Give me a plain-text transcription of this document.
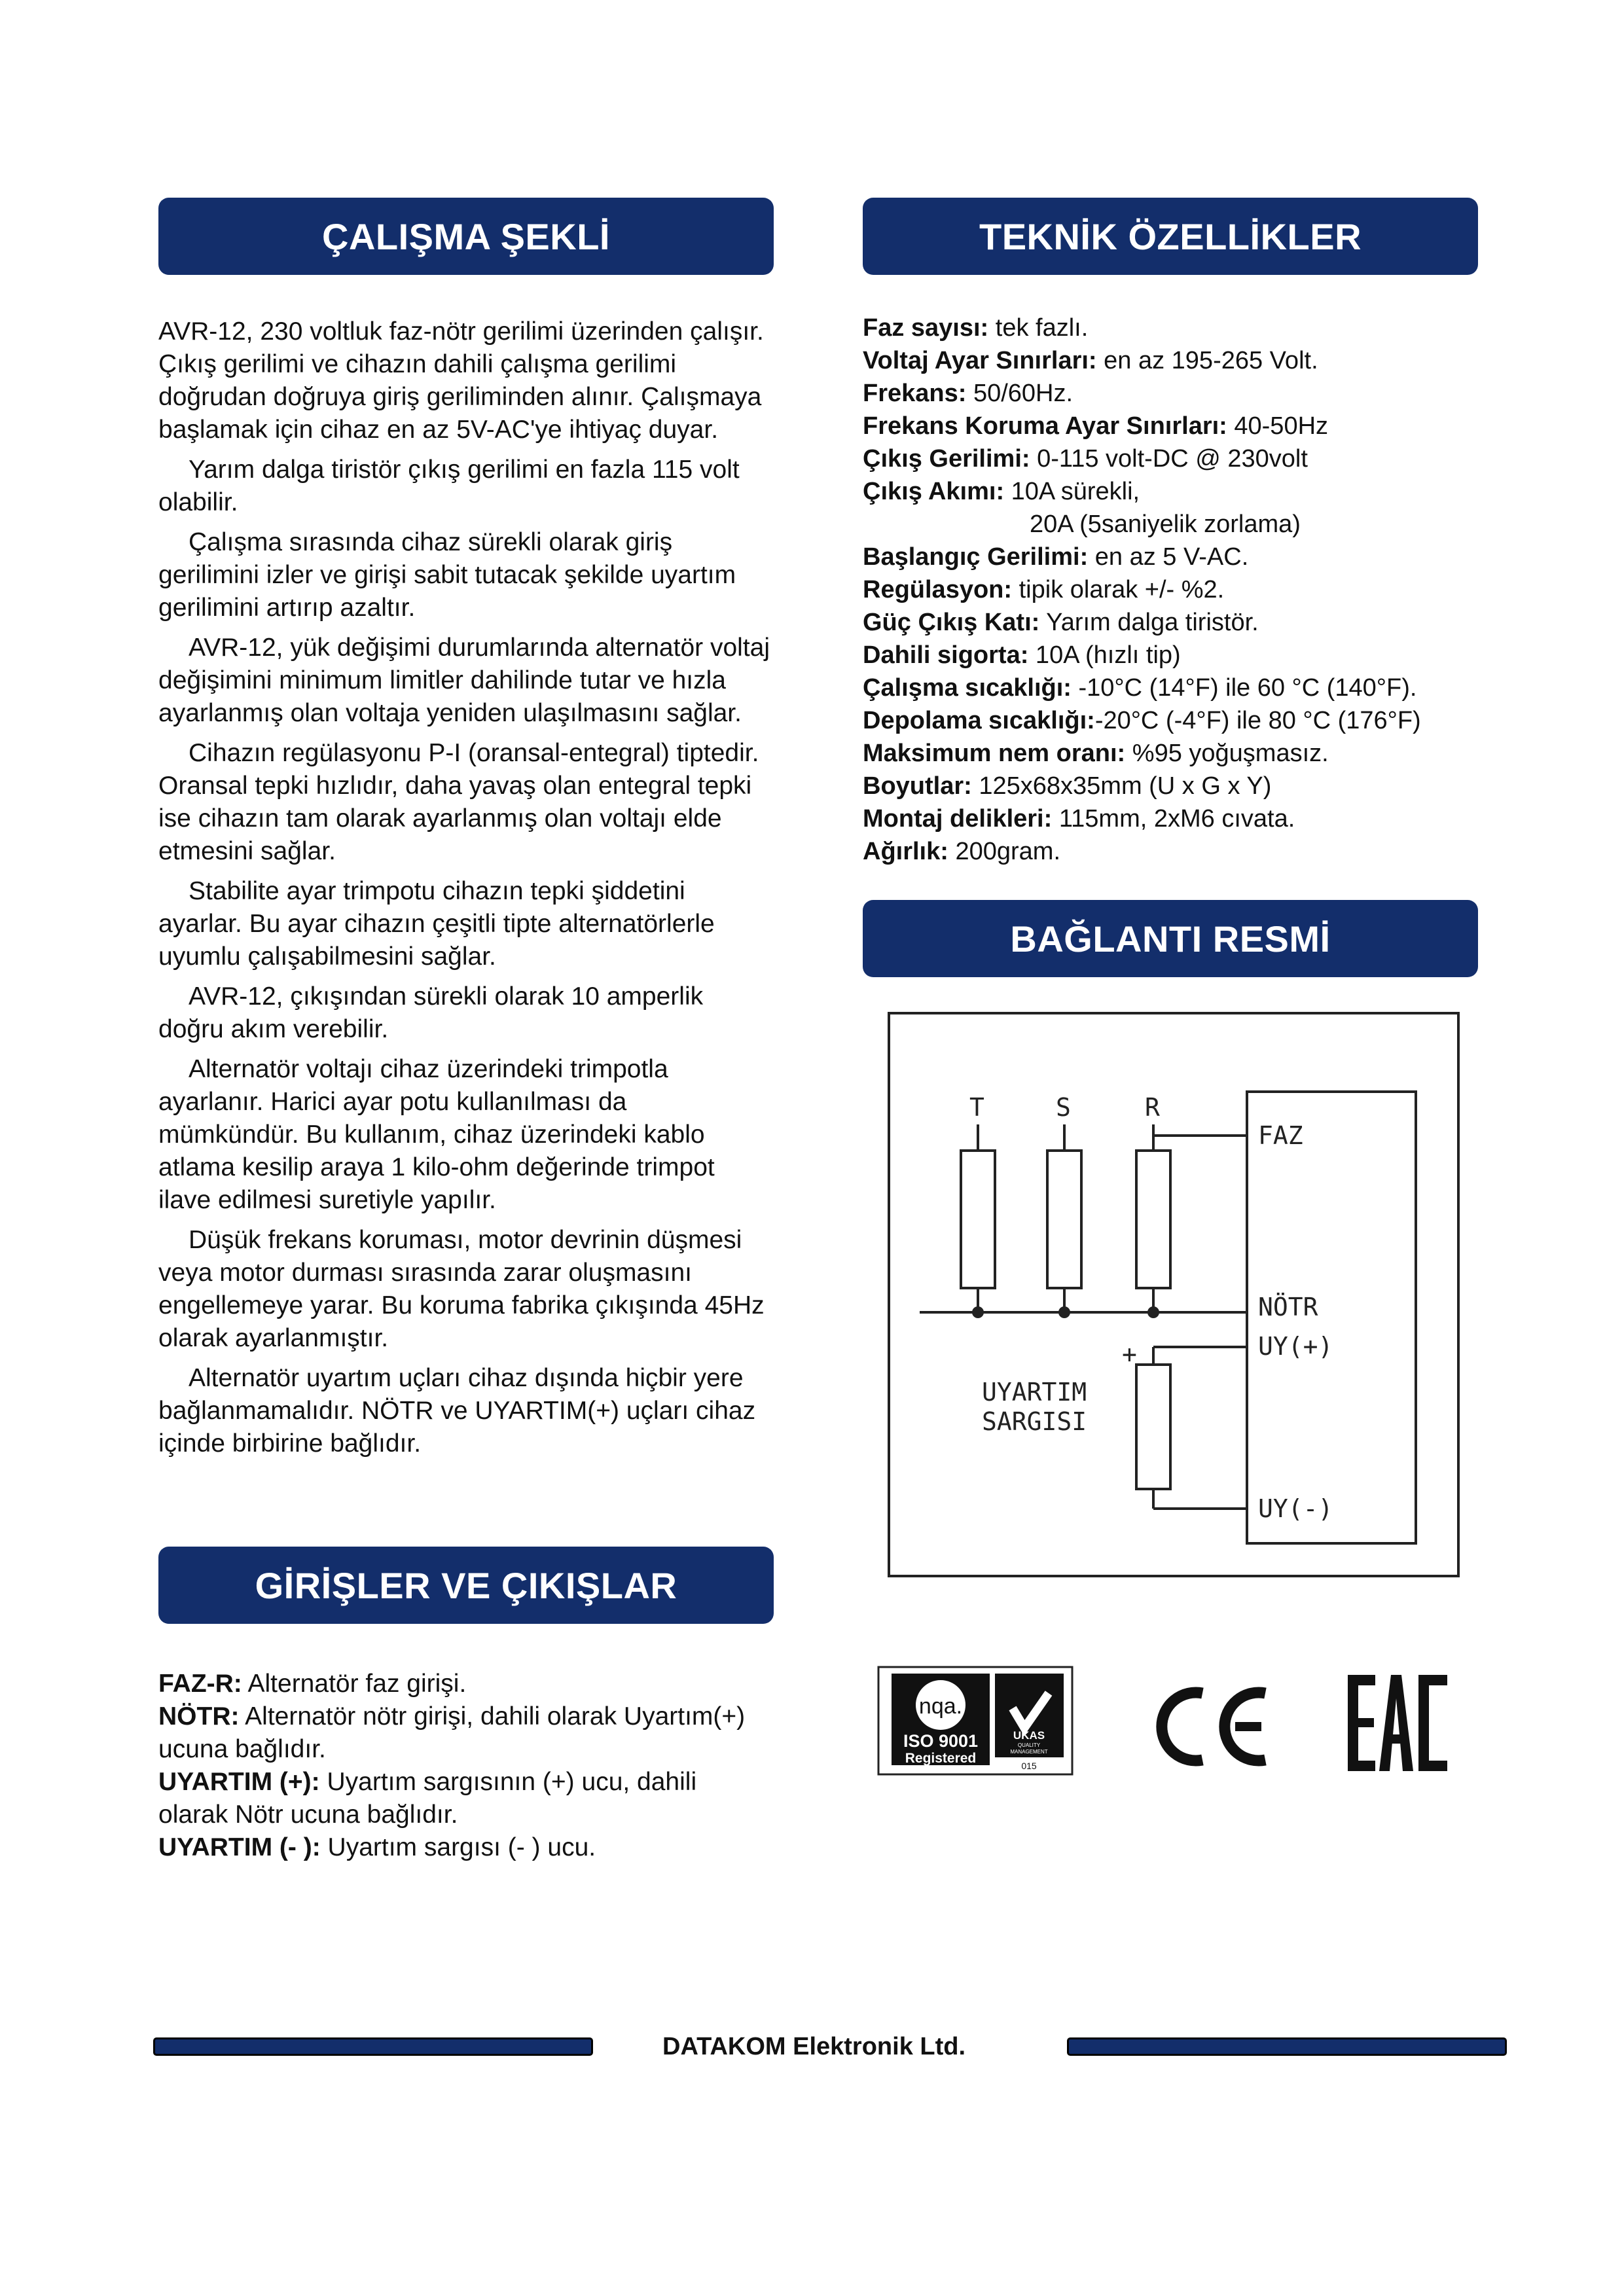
ÇALIŞMA ŞEKLİ	TEKNİK ÖZELLİKLER
GİRİŞLER VE ÇIKIŞLAR
BAĞLANTI RESMİ

AVR-12, 230 voltluk faz-nötr gerilimi üzerinden çalışır. Çıkış gerilimi ve cihazın dahili çalışma gerilimi doğrudan doğruya giriş geriliminden alınır. Çalışmaya başlamak için cihaz en az 5V-AC'ye ihtiyaç duyar.

Yarım dalga tiristör çıkış gerilimi en fazla 115 volt olabilir.

Çalışma sırasında cihaz sürekli olarak giriş gerilimini izler ve girişi sabit tutacak şekilde uyartım gerilimini artırıp azaltır.

AVR-12, yük değişimi durumlarında alternatör voltaj değişimini minimum limitler dahilinde tutar ve hızla ayarlanmış olan voltaja yeniden ulaşılmasını sağlar.

Cihazın regülasyonu P-I (oransal-entegral) tiptedir. Oransal tepki hızlıdır, daha yavaş olan entegral tepki ise cihazın tam olarak ayarlanmış olan voltajı elde etmesini sağlar.

Stabilite ayar trimpotu cihazın tepki şiddetini ayarlar. Bu ayar cihazın çeşitli tipte alternatörlerle uyumlu çalışabilmesini sağlar.

AVR-12, çıkışından sürekli olarak 10 amperlik doğru akım verebilir.

Alternatör voltajı cihaz üzerindeki trimpotla ayarlanır. Harici ayar potu kullanılması da mümkündür. Bu kullanım, cihaz üzerindeki kablo atlama kesilip araya 1 kilo-ohm değerinde trimpot ilave edilmesi suretiyle yapılır.

Düşük frekans koruması, motor devrinin düşmesi veya motor durması sırasında zarar oluşmasını engellemeye yarar. Bu koruma fabrika çıkışında 45Hz olarak ayarlanmıştır.

Alternatör uyartım uçları cihaz dışında hiçbir yere bağlanmamalıdır. NÖTR ve UYARTIM(+) uçları cihaz içinde birbirine bağlıdır.

FAZ-R: Alternatör faz girişi.
NÖTR: Alternatör nötr girişi, dahili olarak Uyartım(+) ucuna bağlıdır.
UYARTIM (+): Uyartım sargısının (+) ucu, dahili olarak Nötr ucuna bağlıdır.
UYARTIM (- ): Uyartım sargısı (- ) ucu.
Faz sayısı: tek fazlı.
Voltaj Ayar Sınırları: en az 195-265 Volt.
Frekans: 50/60Hz.
Frekans Koruma Ayar Sınırları: 40-50Hz
Çıkış Gerilimi: 0-115 volt-DC @ 230volt
Çıkış Akımı: 10A sürekli,
20A (5saniyelik zorlama)
Başlangıç Gerilimi: en az 5 V-AC.
Regülasyon: tipik olarak +/- %2.
Güç Çıkış Katı: Yarım dalga tiristör.
Dahili sigorta: 10A (hızlı tip)
Çalışma sıcaklığı: -10°C (14°F) ile 60 °C (140°F).
Depolama sıcaklığı:-20°C (-4°F) ile 80 °C (176°F)
Maksimum nem oranı: %95 yoğuşmasız.
Boyutlar: 125x68x35mm (U x G x Y)
Montaj delikleri: 115mm, 2xM6 cıvata.
Ağırlık: 200gram.
T	S	R
FAZ
NÖTR
UY(+)
UY(-)
+
UYARTIM
SARGISI
nqa.
ISO 9001
Registered
UKAS
QUALITY
MANAGEMENT
015
DATAKOM Elektronik Ltd.
